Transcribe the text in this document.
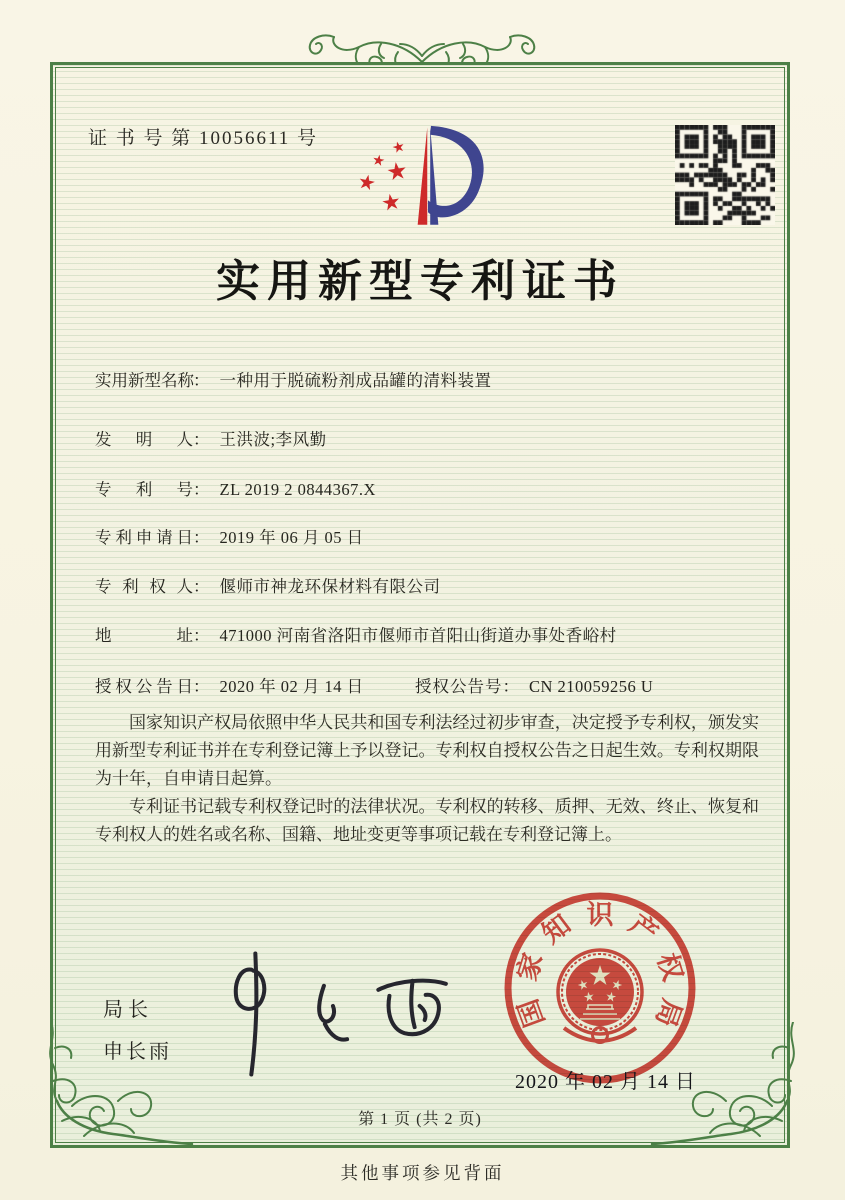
证 书 号 第 10056611 号
实用新型专利证书
实用新型名称： 一种用于脱硫粉剂成品罐的清料装置
发明人： 王洪波;李风勤
专利号： ZL 2019 2 0844367.X
专利申请日： 2019 年 06 月 05 日
专利权人： 偃师市神龙环保材料有限公司
地址： 471000 河南省洛阳市偃师市首阳山街道办事处香峪村
授权公告日： 2020 年 02 月 14 日	授权公告号： CN 210059256 U

国家知识产权局依照中华人民共和国专利法经过初步审查，决定授予专利权，颁发实用新型专利证书并在专利登记簿上予以登记。专利权自授权公告之日起生效。专利权期限为十年，自申请日起算。

专利证书记载专利权登记时的法律状况。专利权的转移、质押、无效、终止、恢复和专利权人的姓名或名称、国籍、地址变更等事项记载在专利登记簿上。

局长
申长雨
国
家
知 识 产
权
局
2020 年 02 月 14 日
第 1 页 (共 2 页)
其他事项参见背面
